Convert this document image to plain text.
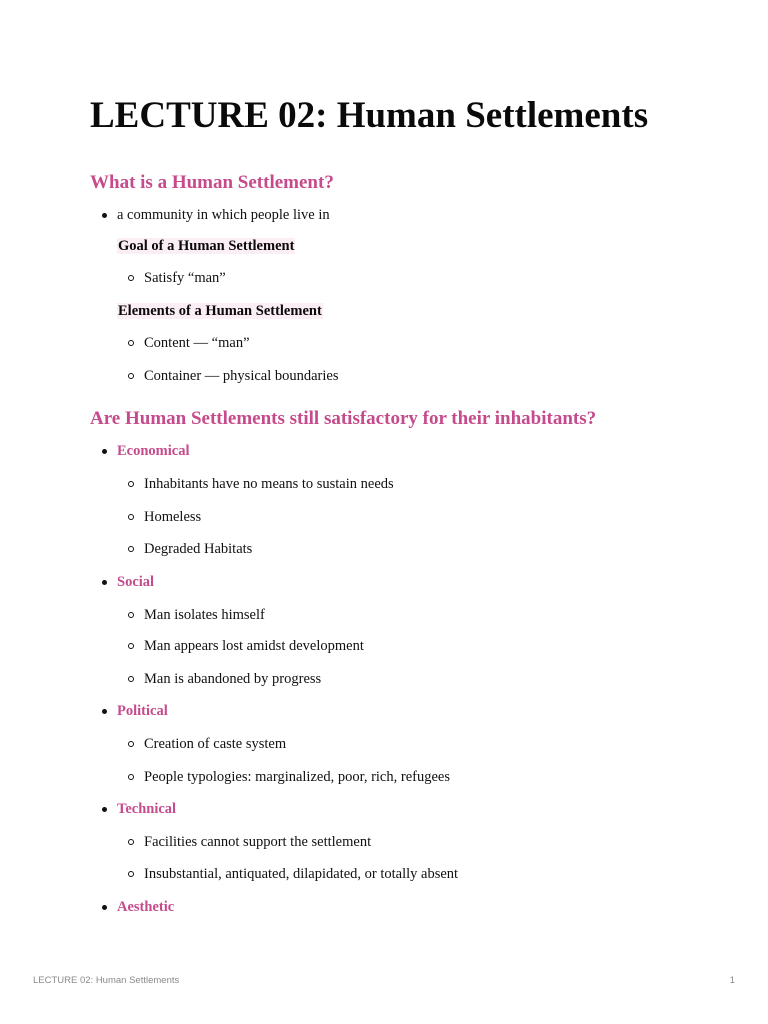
LECTURE 02: Human Settlements
What is a Human Settlement?
a community in which people live in
Goal of a Human Settlement
Satisfy “man”
Elements of a Human Settlement
Content — “man”
Container — physical boundaries
Are Human Settlements still satisfactory for their inhabitants?
Economical
Inhabitants have no means to sustain needs
Homeless
Degraded Habitats
Social
Man isolates himself
Man appears lost amidst development
Man is abandoned by progress
Political
Creation of caste system
People typologies: marginalized, poor, rich, refugees
Technical
Facilities cannot support the settlement
Insubstantial, antiquated, dilapidated, or totally absent
Aesthetic
LECTURE 02: Human Settlements	1
